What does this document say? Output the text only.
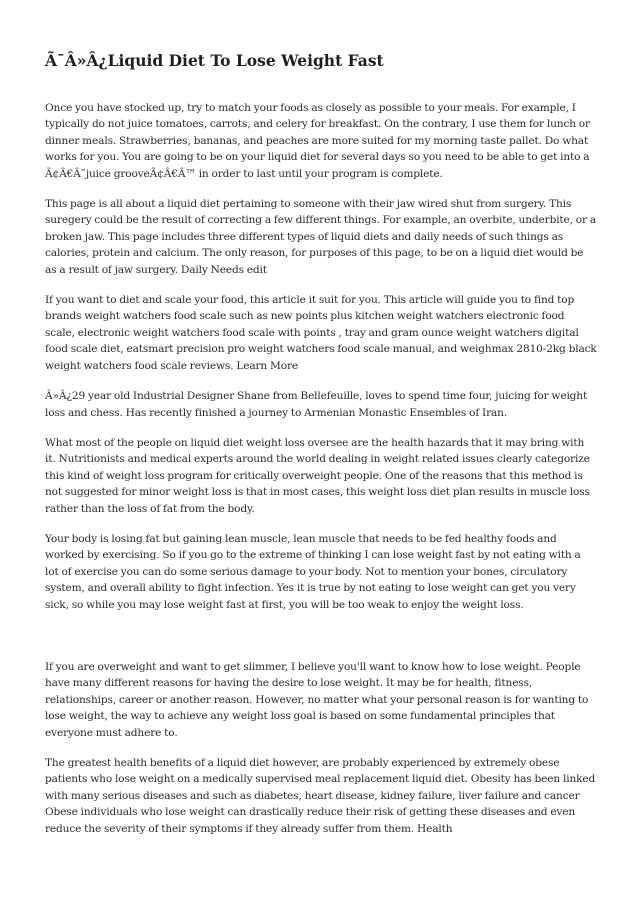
Ã¯Â»Â¿Liquid Diet To Lose Weight Fast

Once you have stocked up, try to match your foods as closely as possible to your meals. For example, I typically do not juice tomatoes, carrots, and celery for breakfast. On the contrary, I use them for lunch or dinner meals. Strawberries, bananas, and peaches are more suited for my morning taste pallet. Do what works for you. You are going to be on your liquid diet for several days so you need to be able to get into a Ã¢Â€Â˜juice grooveÃ¢Â€Â™ in order to last until your program is complete.

This page is all about a liquid diet pertaining to someone with their jaw wired shut from surgery. This suregery could be the result of correcting a few different things. For example, an overbite, underbite, or a broken jaw. This page includes three different types of liquid diets and daily needs of such things as calories, protein and calcium. The only reason, for purposes of this page, to be on a liquid diet would be as a result of jaw surgery. Daily Needs edit

If you want to diet and scale your food, this article it suit for you. This article will guide you to find top brands weight watchers food scale such as new points plus kitchen weight watchers electronic food scale, electronic weight watchers food scale with points , tray and gram ounce weight watchers digital food scale diet, eatsmart precision pro weight watchers food scale manual, and weighmax 2810-2kg black weight watchers food scale reviews. Learn More

Â»Â¿29 year old Industrial Designer Shane from Bellefeuille, loves to spend time four, juicing for weight loss and chess. Has recently finished a journey to Armenian Monastic Ensembles of Iran.

What most of the people on liquid diet weight loss oversee are the health hazards that it may bring with it. Nutritionists and medical experts around the world dealing in weight related issues clearly categorize this kind of weight loss program for critically overweight people. One of the reasons that this method is not suggested for minor weight loss is that in most cases, this weight loss diet plan results in muscle loss rather than the loss of fat from the body.

Your body is losing fat but gaining lean muscle, lean muscle that needs to be fed healthy foods and worked by exercising. So if you go to the extreme of thinking I can lose weight fast by not eating with a lot of exercise you can do some serious damage to your body. Not to mention your bones, circulatory system, and overall ability to fight infection. Yes it is true by not eating to lose weight can get you very sick, so while you may lose weight fast at first, you will be too weak to enjoy the weight loss.

If you are overweight and want to get slimmer, I believe you'll want to know how to lose weight. People have many different reasons for having the desire to lose weight. It may be for health, fitness, relationships, career or another reason. However, no matter what your personal reason is for wanting to lose weight, the way to achieve any weight loss goal is based on some fundamental principles that everyone must adhere to.

The greatest health benefits of a liquid diet however, are probably experienced by extremely obese patients who lose weight on a medically supervised meal replacement liquid diet. Obesity has been linked with many serious diseases and such as diabetes, heart disease, kidney failure, liver failure and cancer Obese individuals who lose weight can drastically reduce their risk of getting these diseases and even reduce the severity of their symptoms if they already suffer from them. Health
